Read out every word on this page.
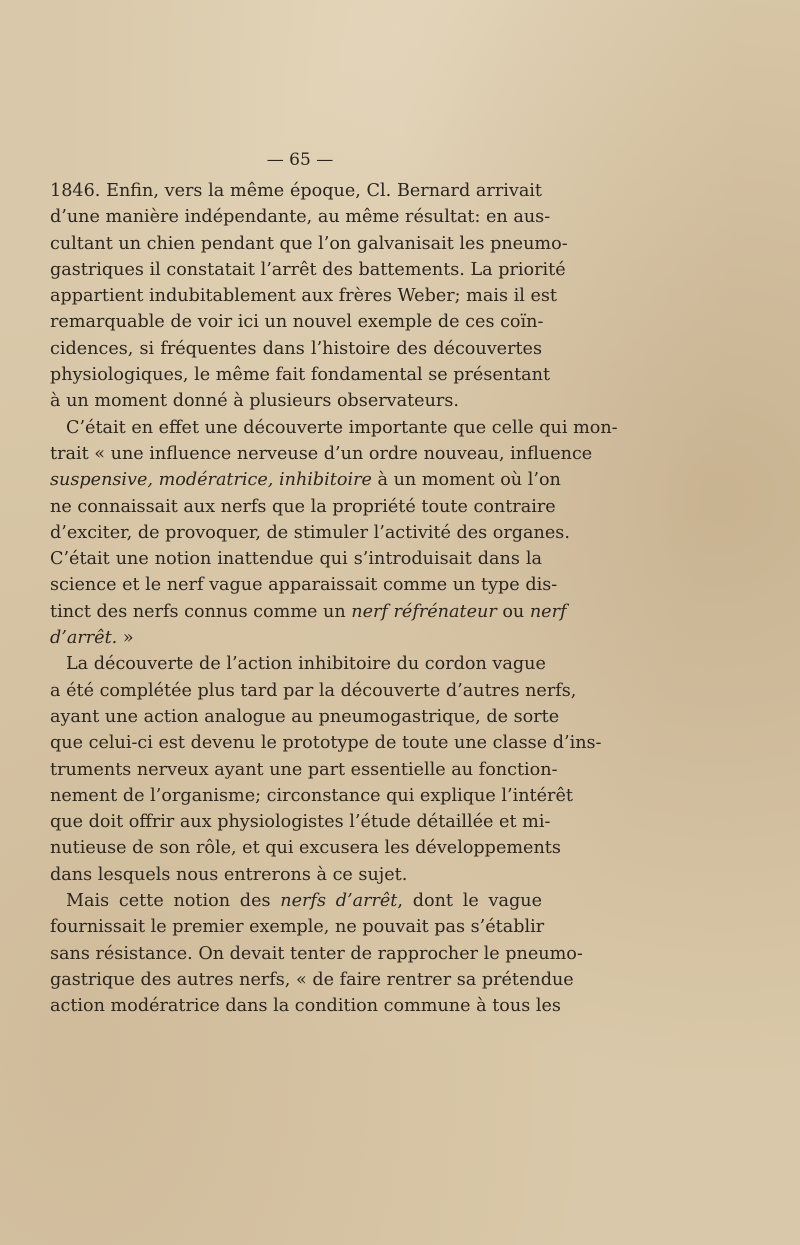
— 65 —
1846. Enfin, vers la même époque, Cl. Bernard arrivait
d’une manière indépendante, au même résultat: en aus-
cultant un chien pendant que l’on galvanisait les pneumo-
gastriques il constatait l’arrêt des battements. La priorité
appartient indubitablement aux frères Weber; mais il est
remarquable de voir ici un nouvel exemple de ces coïn-
cidences, si fréquentes dans l’histoire des découvertes
physiologiques, le même fait fondamental se présentant
à un moment donné à plusieurs observateurs.
C’était en effet une découverte importante que celle qui mon-
trait « une influence nerveuse d’un ordre nouveau, influence
suspensive, modératrice, inhibitoire à un moment où l’on
ne connaissait aux nerfs que la propriété toute contraire
d’exciter, de provoquer, de stimuler l’activité des organes.
C’était une notion inattendue qui s’introduisait dans la
science et le nerf vague apparaissait comme un type dis-
tinct des nerfs connus comme un nerf réfrénateur ou nerf
d’arrêt. »
La découverte de l’action inhibitoire du cordon vague
a été complétée plus tard par la découverte d’autres nerfs,
ayant une action analogue au pneumogastrique, de sorte
que celui-ci est devenu le prototype de toute une classe d’ins-
truments nerveux ayant une part essentielle au fonction-
nement de l’organisme; circonstance qui explique l’intérêt
que doit offrir aux physiologistes l’étude détaillée et mi-
nutieuse de son rôle, et qui excusera les développements
dans lesquels nous entrerons à ce sujet.
Mais cette notion des nerfs d’arrêt, dont le vague
fournissait le premier exemple, ne pouvait pas s’établir
sans résistance. On devait tenter de rapprocher le pneumo-
gastrique des autres nerfs, « de faire rentrer sa prétendue
action modératrice dans la condition commune à tous les
